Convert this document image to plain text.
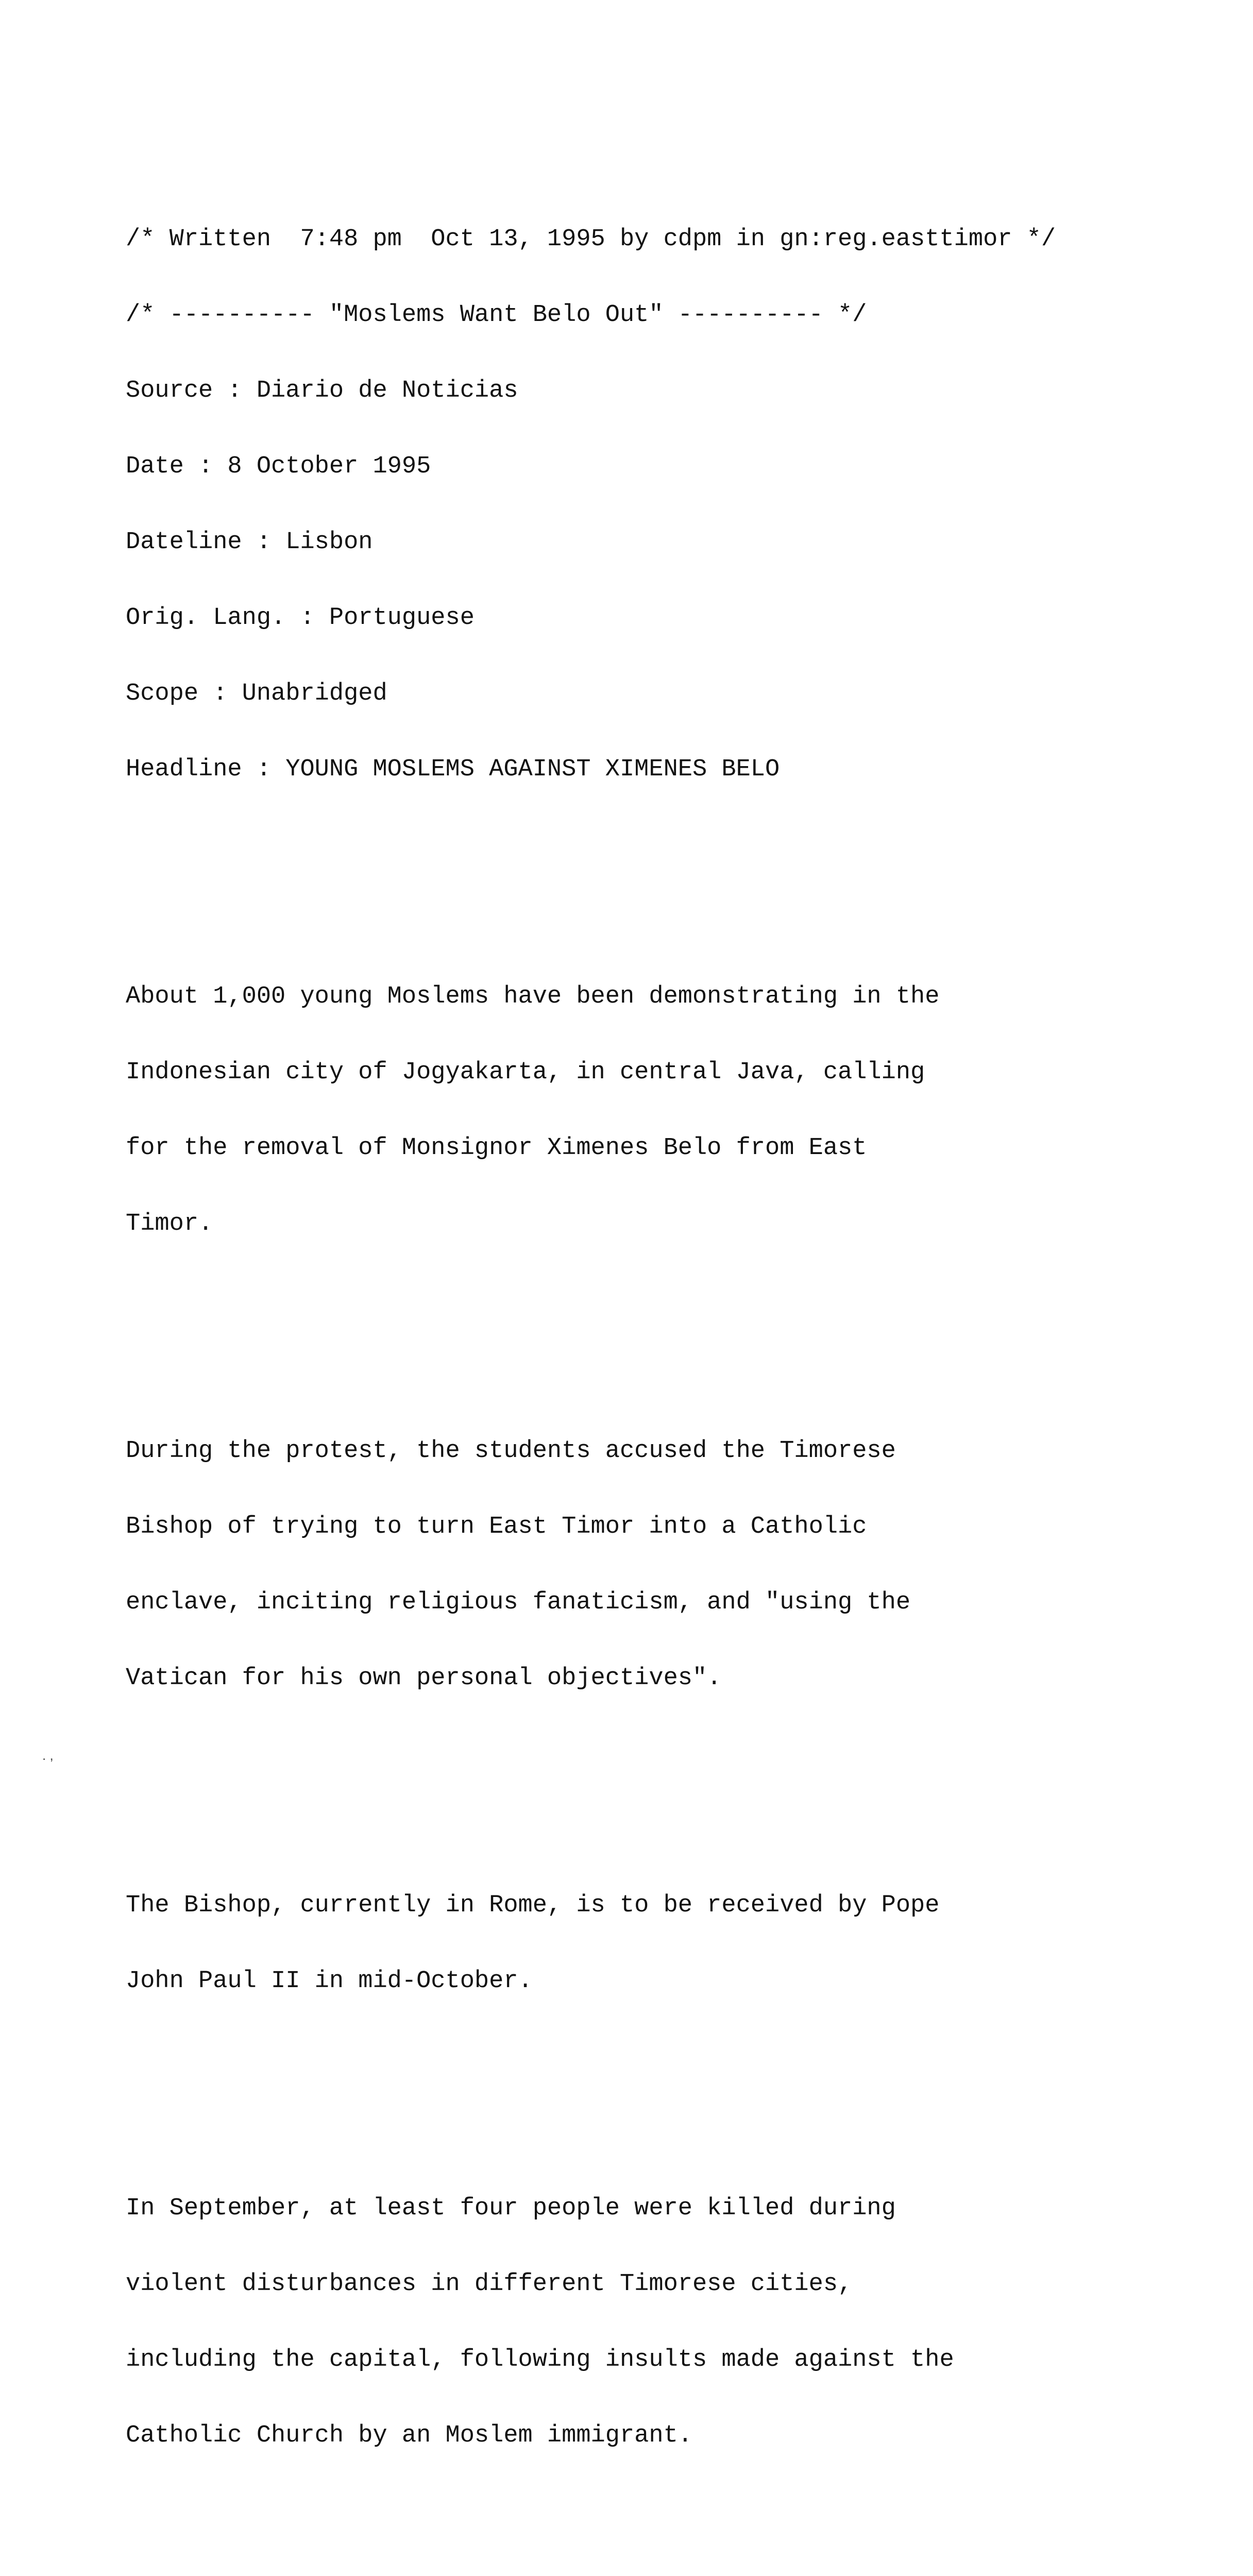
/* Written  7:48 pm  Oct 13, 1995 by cdpm in gn:reg.easttimor */

/* ---------- "Moslems Want Belo Out" ---------- */

Source : Diario de Noticias

Date : 8 October 1995

Dateline : Lisbon

Orig. Lang. : Portuguese

Scope : Unabridged

Headline : YOUNG MOSLEMS AGAINST XIMENES BELO

About 1,000 young Moslems have been demonstrating in the

Indonesian city of Jogyakarta, in central Java, calling

for the removal of Monsignor Ximenes Belo from East

Timor.

During the protest, the students accused the Timorese

Bishop of trying to turn East Timor into a Catholic

enclave, inciting religious fanaticism, and "using the

Vatican for his own personal objectives".

The Bishop, currently in Rome, is to be received by Pope

John Paul II in mid-October.

In September, at least four people were killed during

violent disturbances in different Timorese cities,

including the capital, following insults made against the

Catholic Church by an Moslem immigrant.

. ,
